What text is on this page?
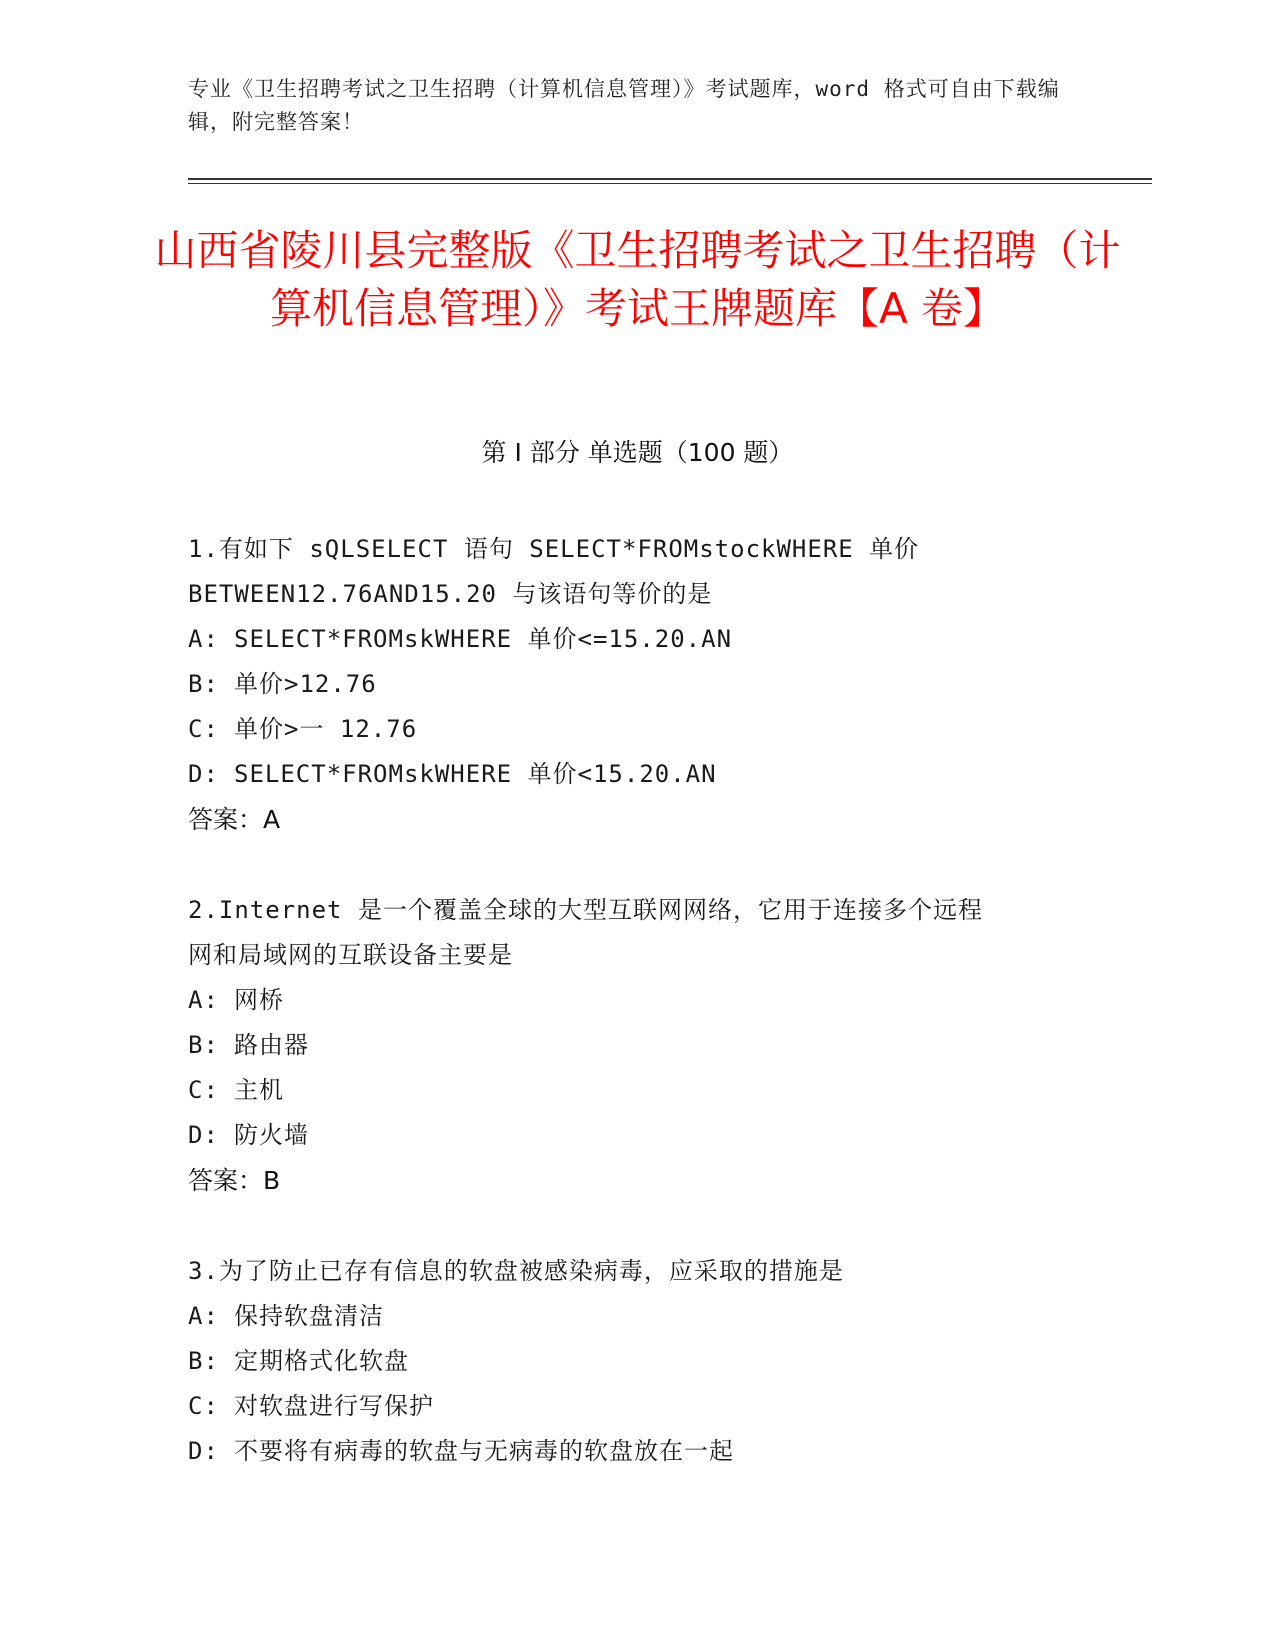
专业《卫生招聘考试之卫生招聘（计算机信息管理）》考试题库，word 格式可自由下载编辑，附完整答案！
山西省陵川县完整版《卫生招聘考试之卫生招聘（计算机信息管理）》考试王牌题库【A 卷】
第 I 部分 单选题（100 题）
1.有如下 sQLSELECT 语句 SELECT*FROMstockWHERE 单价
BETWEEN12.76AND15.20 与该语句等价的是
A: SELECT*FROMskWHERE 单价<=15.20.AN
B: 单价>12.76
C: 单价>一 12.76
D: SELECT*FROMskWHERE 单价<15.20.AN
答案：A
2.Internet 是一个覆盖全球的大型互联网网络，它用于连接多个远程
网和局域网的互联设备主要是
A: 网桥
B: 路由器
C: 主机
D: 防火墙
答案：B
3.为了防止已存有信息的软盘被感染病毒，应采取的措施是
A: 保持软盘清洁
B: 定期格式化软盘
C: 对软盘进行写保护
D: 不要将有病毒的软盘与无病毒的软盘放在一起
